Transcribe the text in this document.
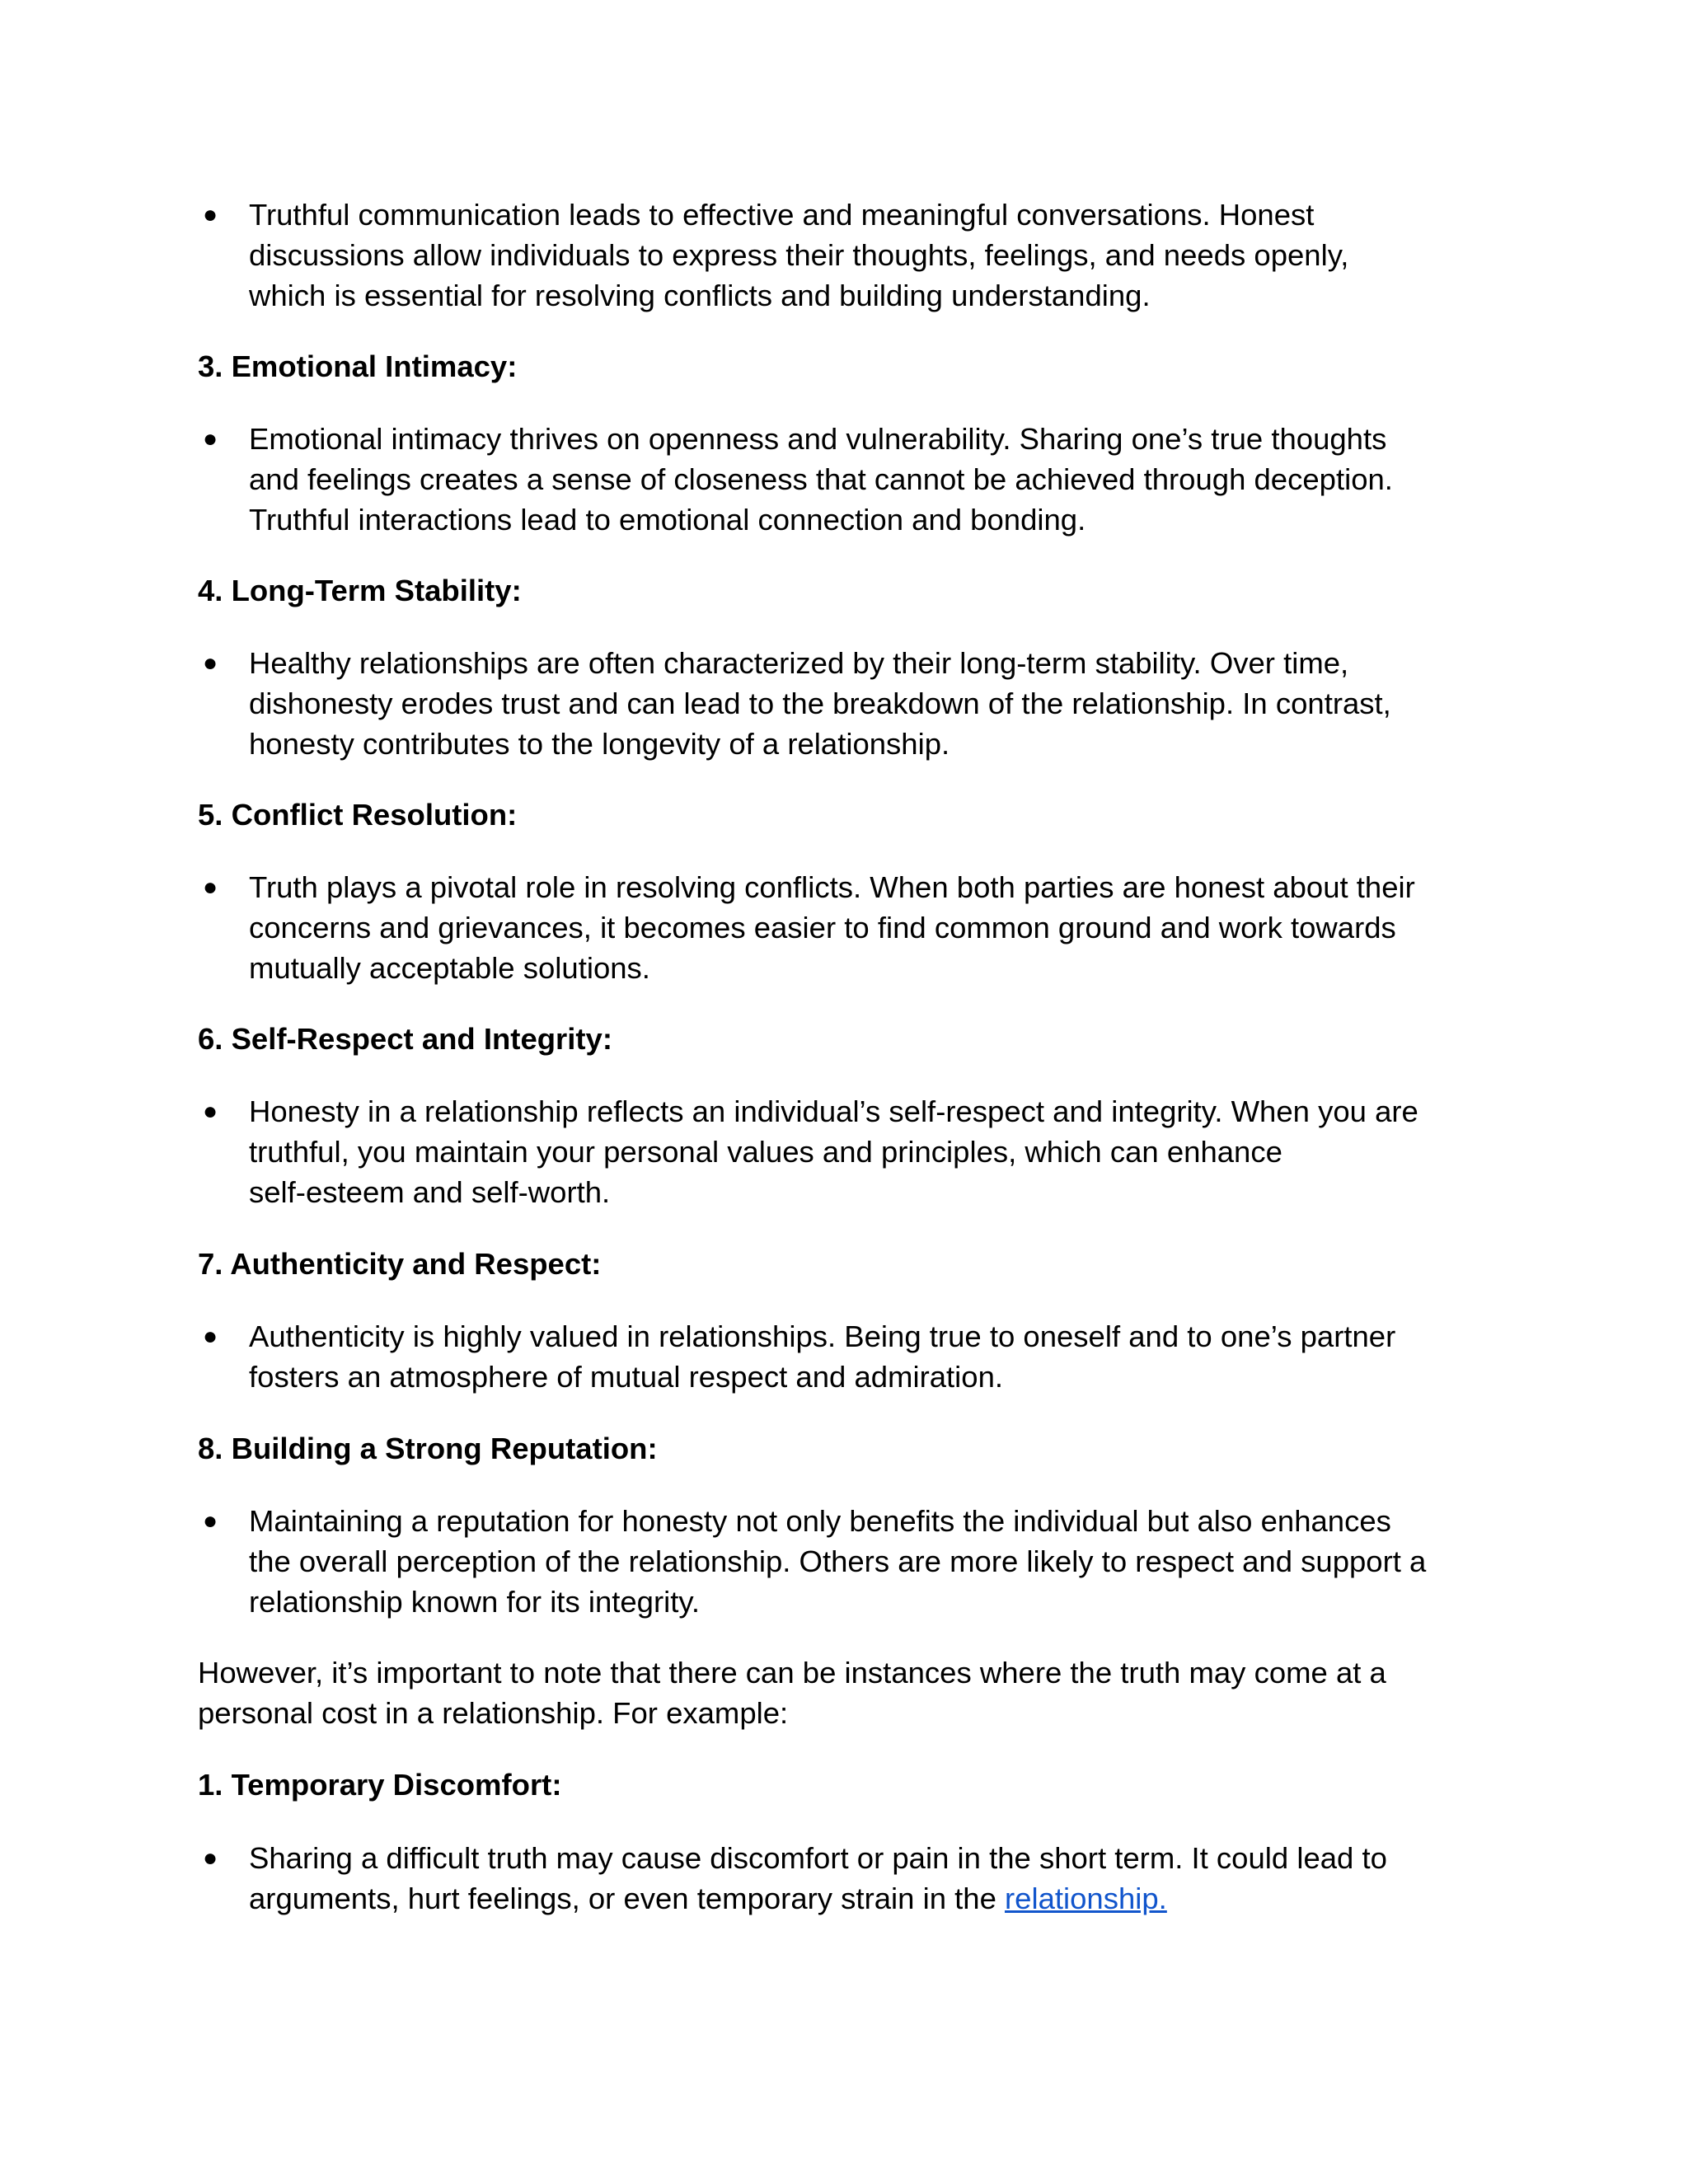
● Truthful communication leads to effective and meaningful conversations. Honest
discussions allow individuals to express their thoughts, feelings, and needs openly,
which is essential for resolving conflicts and building understanding.
3. Emotional Intimacy:
● Emotional intimacy thrives on openness and vulnerability. Sharing one’s true thoughts
and feelings creates a sense of closeness that cannot be achieved through deception.
Truthful interactions lead to emotional connection and bonding.
4. Long-Term Stability:
● Healthy relationships are often characterized by their long-term stability. Over time,
dishonesty erodes trust and can lead to the breakdown of the relationship. In contrast,
honesty contributes to the longevity of a relationship.
5. Conflict Resolution:
● Truth plays a pivotal role in resolving conflicts. When both parties are honest about their
concerns and grievances, it becomes easier to find common ground and work towards
mutually acceptable solutions.
6. Self-Respect and Integrity:
● Honesty in a relationship reflects an individual’s self-respect and integrity. When you are
truthful, you maintain your personal values and principles, which can enhance
self-esteem and self-worth.
7. Authenticity and Respect:
● Authenticity is highly valued in relationships. Being true to oneself and to one’s partner
fosters an atmosphere of mutual respect and admiration.
8. Building a Strong Reputation:
● Maintaining a reputation for honesty not only benefits the individual but also enhances
the overall perception of the relationship. Others are more likely to respect and support a
relationship known for its integrity.
However, it’s important to note that there can be instances where the truth may come at a
personal cost in a relationship. For example:
1. Temporary Discomfort:
● Sharing a difficult truth may cause discomfort or pain in the short term. It could lead to
arguments, hurt feelings, or even temporary strain in the relationship.
